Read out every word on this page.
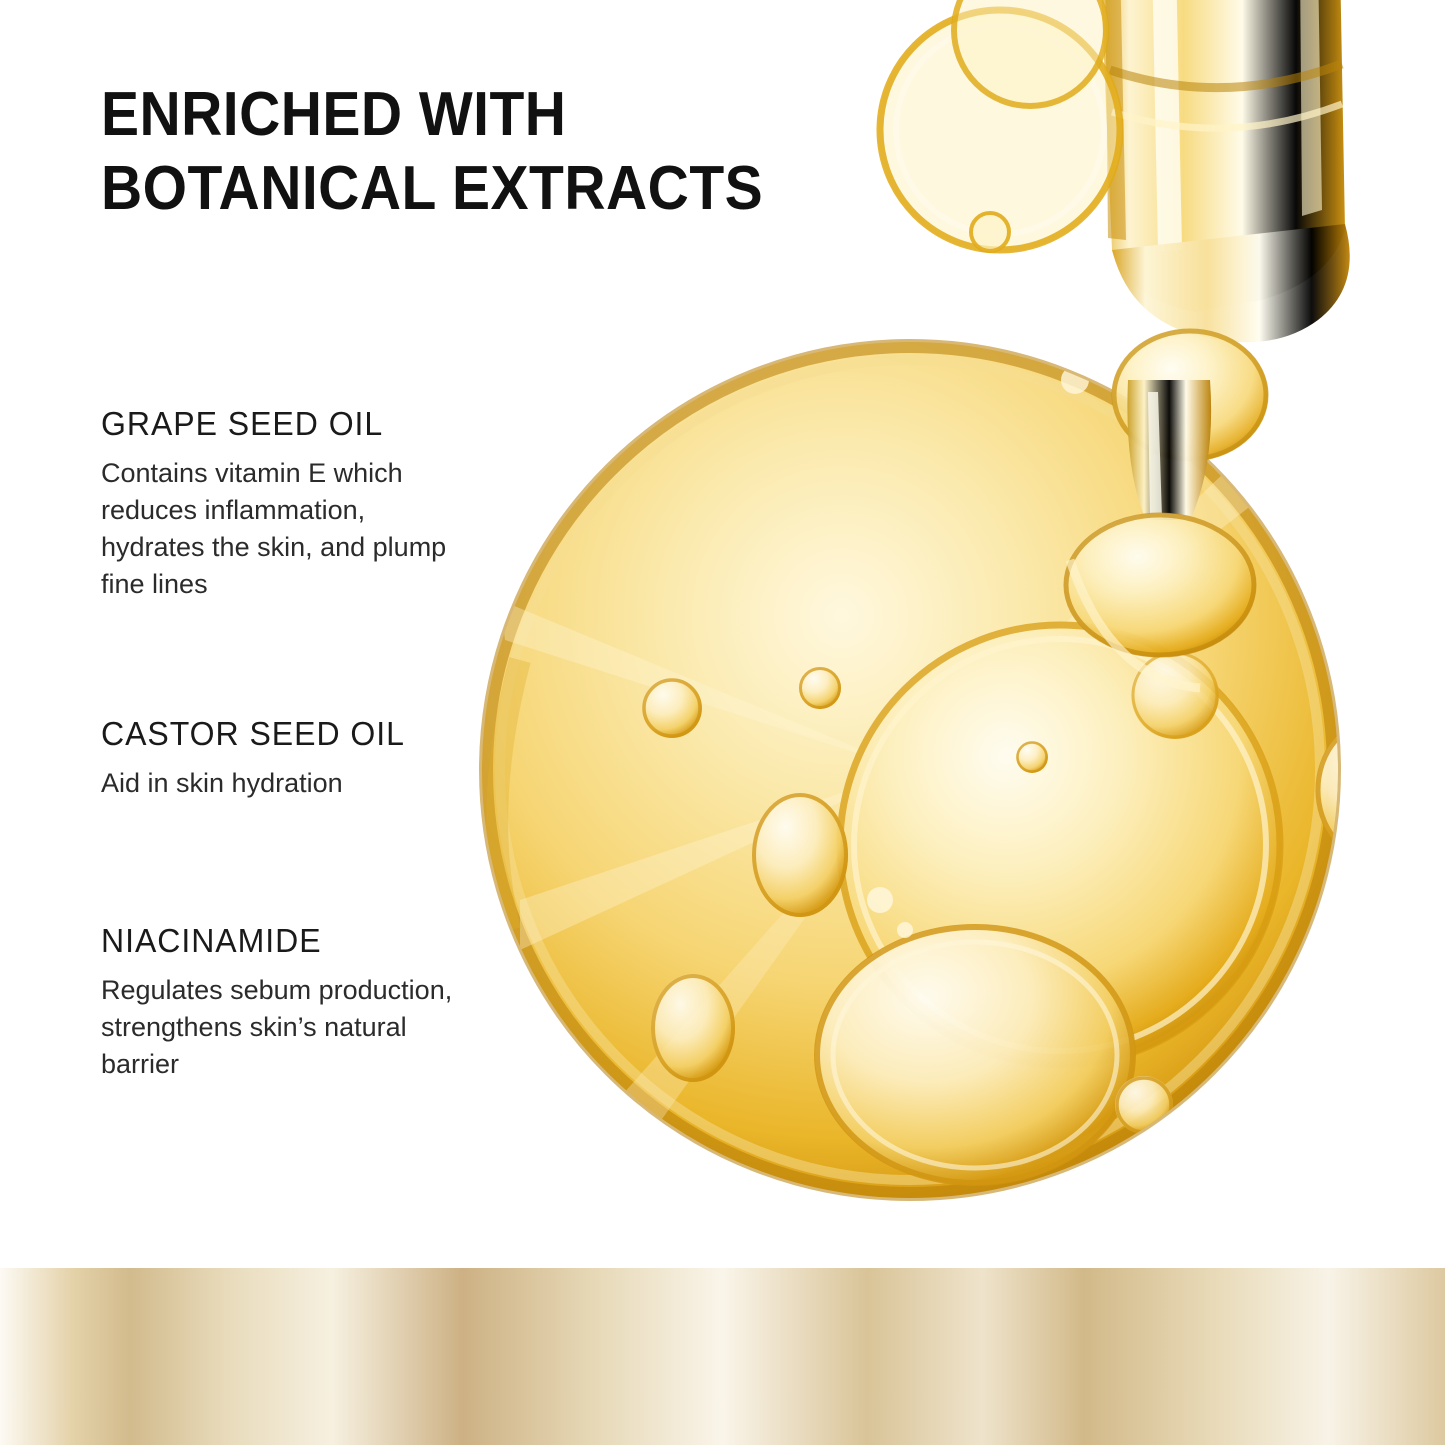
ENRICHED WITH
BOTANICAL EXTRACTS

GRAPE SEED OIL

Contains vitamin E which reduces inflammation, hydrates the skin, and plump fine lines

CASTOR SEED OIL

Aid in skin hydration

NIACINAMIDE

Regulates sebum production, strengthens skin’s natural barrier
